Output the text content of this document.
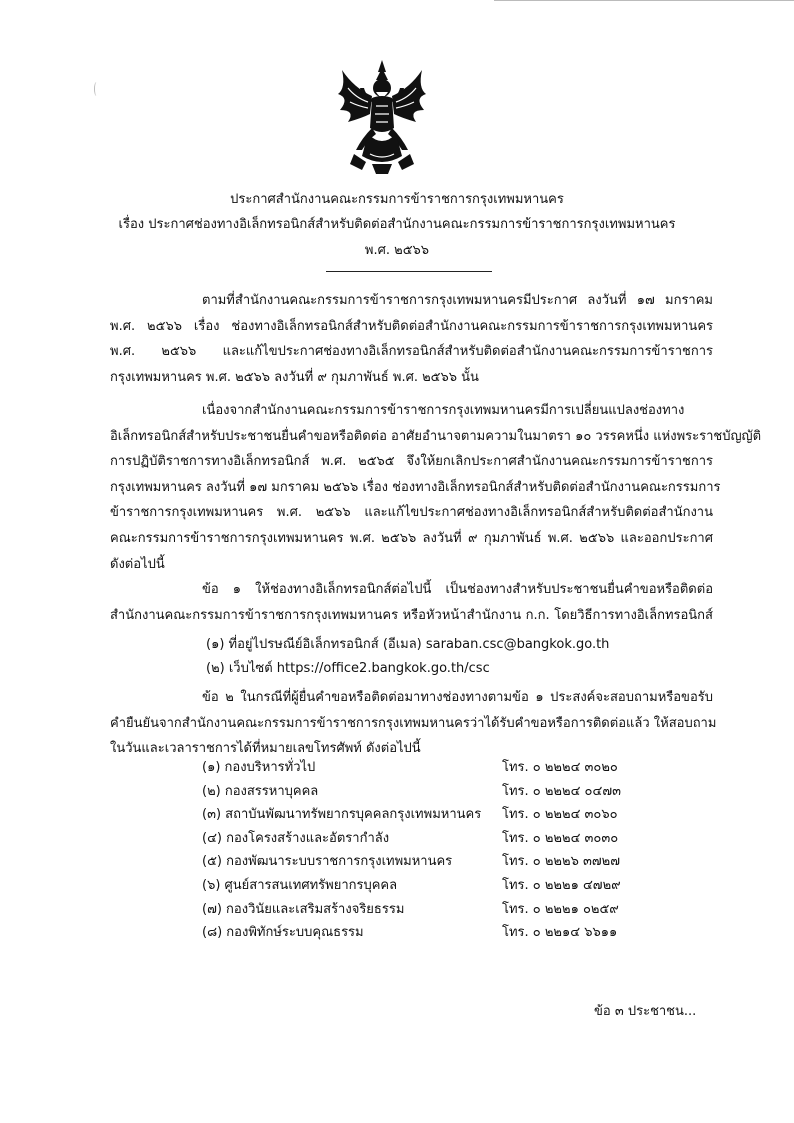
ประกาศสำนักงานคณะกรรมการข้าราชการกรุงเทพมหานคร
เรื่อง ประกาศช่องทางอิเล็กทรอนิกส์สำหรับติดต่อสำนักงานคณะกรรมการข้าราชการกรุงเทพมหานคร
พ.ศ. ๒๕๖๖
ตามที่สำนักงานคณะกรรมการข้าราชการกรุงเทพมหานครมีประกาศ ลงวันที่ ๑๗ มกราคม
พ.ศ. ๒๕๖๖ เรื่อง ช่องทางอิเล็กทรอนิกส์สำหรับติดต่อสำนักงานคณะกรรมการข้าราชการกรุงเทพมหานคร
พ.ศ. ๒๕๖๖ และแก้ไขประกาศช่องทางอิเล็กทรอนิกส์สำหรับติดต่อสำนักงานคณะกรรมการข้าราชการ
กรุงเทพมหานคร พ.ศ. ๒๕๖๖ ลงวันที่ ๙ กุมภาพันธ์ พ.ศ. ๒๕๖๖ นั้น
เนื่องจากสำนักงานคณะกรรมการข้าราชการกรุงเทพมหานครมีการเปลี่ยนแปลงช่องทาง
อิเล็กทรอนิกส์สำหรับประชาชนยื่นคำขอหรือติดต่อ อาศัยอำนาจตามความในมาตรา ๑๐ วรรคหนึ่ง แห่งพระราชบัญญัติ
การปฏิบัติราชการทางอิเล็กทรอนิกส์ พ.ศ. ๒๕๖๕ จึงให้ยกเลิกประกาศสำนักงานคณะกรรมการข้าราชการ
กรุงเทพมหานคร ลงวันที่ ๑๗ มกราคม ๒๕๖๖ เรื่อง ช่องทางอิเล็กทรอนิกส์สำหรับติดต่อสำนักงานคณะกรรมการ
ข้าราชการกรุงเทพมหานคร พ.ศ. ๒๕๖๖ และแก้ไขประกาศช่องทางอิเล็กทรอนิกส์สำหรับติดต่อสำนักงาน
คณะกรรมการข้าราชการกรุงเทพมหานคร พ.ศ. ๒๕๖๖ ลงวันที่ ๙ กุมภาพันธ์ พ.ศ. ๒๕๖๖ และออกประกาศ
ดังต่อไปนี้
ข้อ ๑ ให้ช่องทางอิเล็กทรอนิกส์ต่อไปนี้ เป็นช่องทางสำหรับประชาชนยื่นคำขอหรือติดต่อ
สำนักงานคณะกรรมการข้าราชการกรุงเทพมหานคร หรือหัวหน้าสำนักงาน ก.ก. โดยวิธีการทางอิเล็กทรอนิกส์
(๑) ที่อยู่ไปรษณีย์อิเล็กทรอนิกส์ (อีเมล) saraban.csc@bangkok.go.th
(๒) เว็บไซต์ https://office2.bangkok.go.th/csc
ข้อ ๒ ในกรณีที่ผู้ยื่นคำขอหรือติดต่อมาทางช่องทางตามข้อ ๑ ประสงค์จะสอบถามหรือขอรับ
คำยืนยันจากสำนักงานคณะกรรมการข้าราชการกรุงเทพมหานครว่าได้รับคำขอหรือการติดต่อแล้ว ให้สอบถาม
ในวันและเวลาราชการได้ที่หมายเลขโทรศัพท์ ดังต่อไปนี้
(๑) กองบริหารทั่วไป	โทร. ๐ ๒๒๒๔ ๓๐๒๐
(๒) กองสรรหาบุคคล	โทร. ๐ ๒๒๒๔ ๐๔๗๓
(๓) สถาบันพัฒนาทรัพยากรบุคคลกรุงเทพมหานคร โทร. ๐ ๒๒๒๔ ๓๐๖๐
(๔) กองโครงสร้างและอัตรากำลัง	โทร. ๐ ๒๒๒๔ ๓๐๓๐
(๕) กองพัฒนาระบบราชการกรุงเทพมหานคร	โทร. ๐ ๒๒๒๖ ๓๗๒๗
(๖) ศูนย์สารสนเทศทรัพยากรบุคคล	โทร. ๐ ๒๒๒๑ ๔๗๒๙
(๗) กองวินัยและเสริมสร้างจริยธรรม	โทร. ๐ ๒๒๒๑ ๐๒๕๙
(๘) กองพิทักษ์ระบบคุณธรรม	โทร. ๐ ๒๒๑๔ ๖๖๑๑
ข้อ ๓ ประชาชน...
